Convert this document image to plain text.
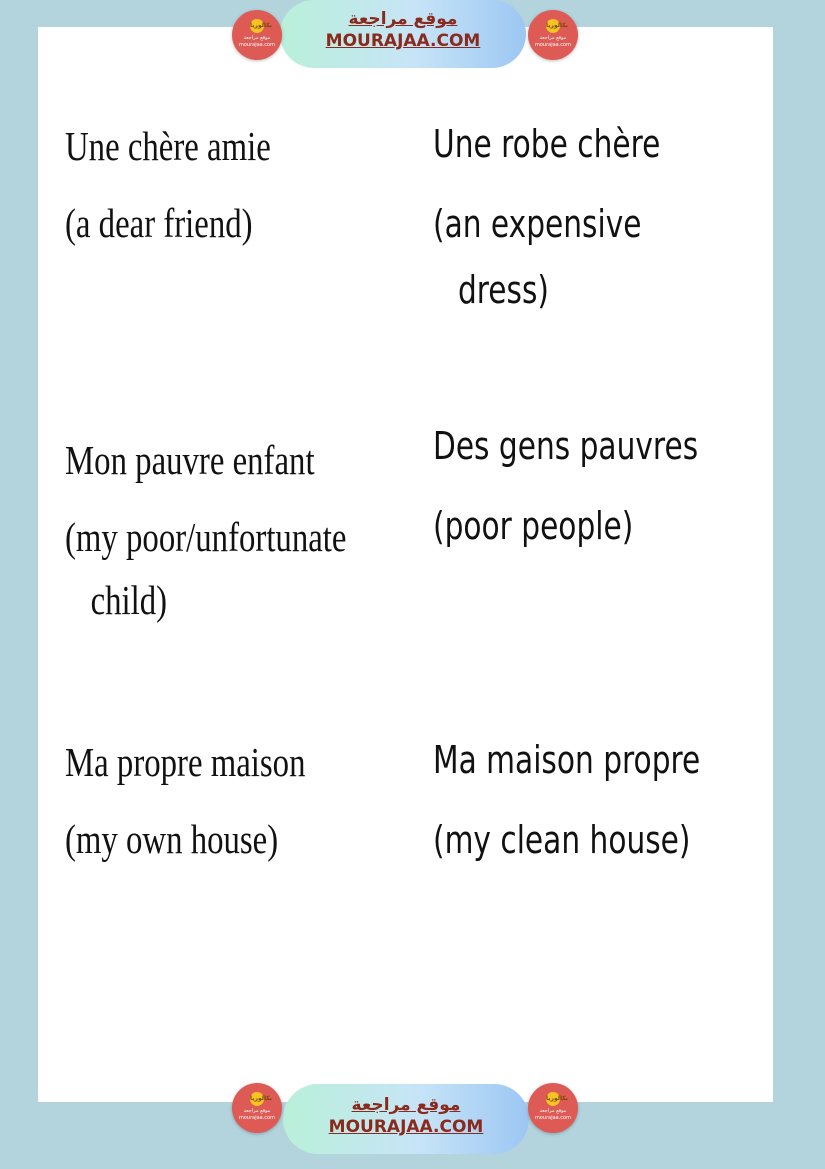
بكالوريا
موقع مراجعة
mourajaa.com
موقع مراجعة
MOURAJAA.COM
بكالوريا
موقع مراجعة
mourajaa.com
Une chère amie
(a dear friend)
Une robe chère
(an expensive
dress)
Mon pauvre enfant
(my poor/unfortunate
child)
Des gens pauvres
(poor people)
Ma propre maison
(my own house)
Ma maison propre
(my clean house)
بكالوريا
موقع مراجعة
mourajaa.com
موقع مراجعة
MOURAJAA.COM
بكالوريا
موقع مراجعة
mourajaa.com
